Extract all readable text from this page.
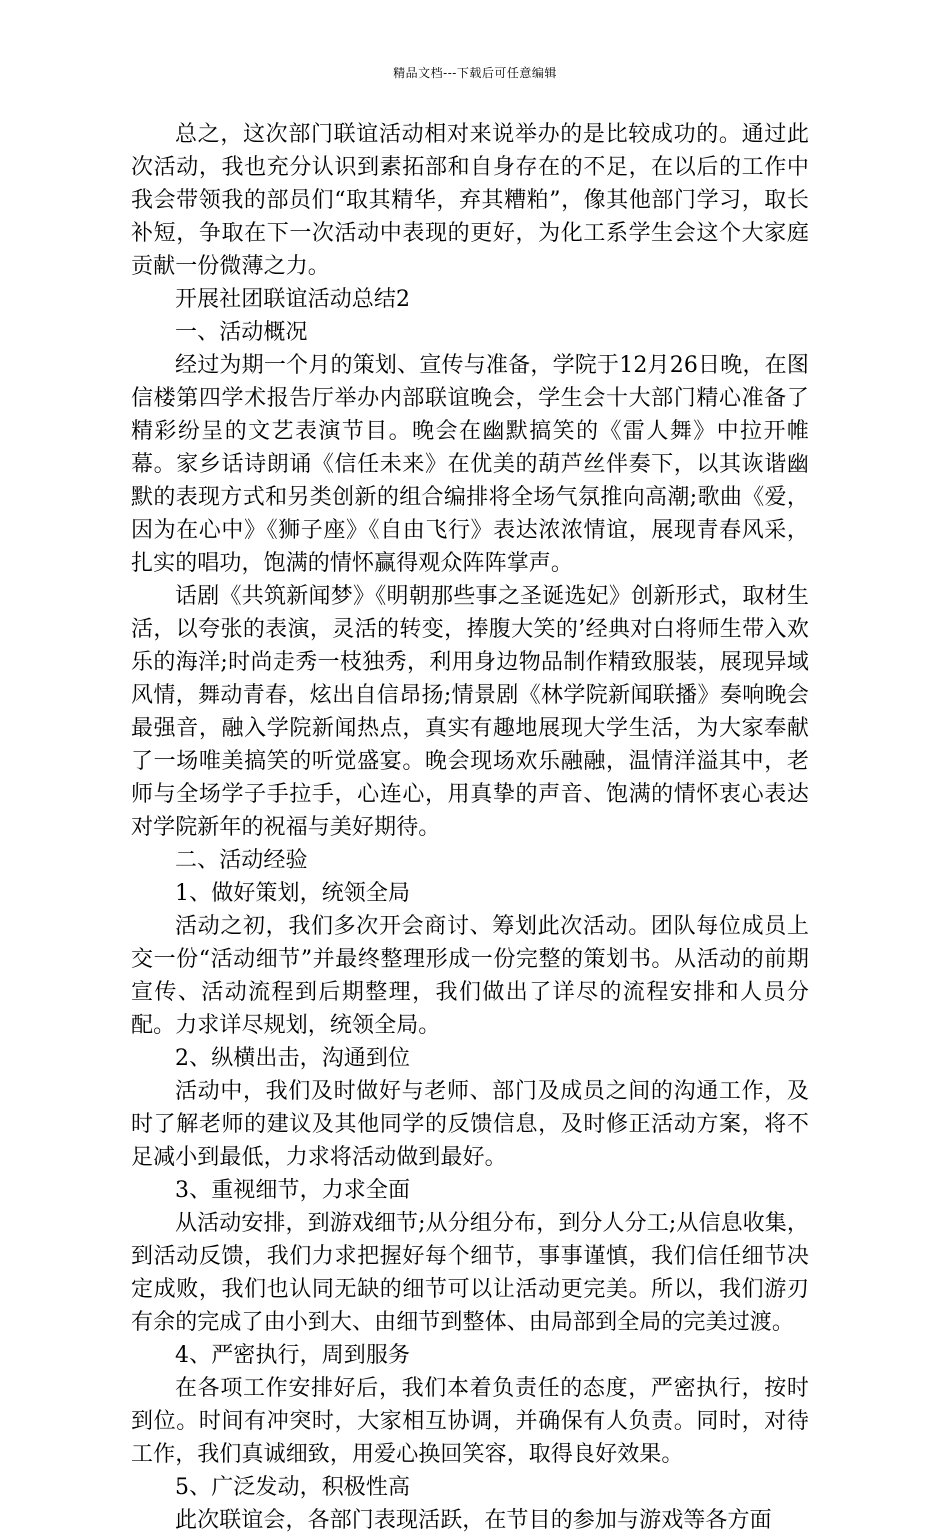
精品文档---下载后可任意编辑

总之，这次部门联谊活动相对来说举办的是比较成功的。通过此次活动，我也充分认识到素拓部和自身存在的不足，在以后的工作中我会带领我的部员们“取其精华，弃其糟粕”，像其他部门学习，取长补短，争取在下一次活动中表现的更好，为化工系学生会这个大家庭贡献一份微薄之力。

开展社团联谊活动总结2

一、活动概况

经过为期一个月的策划、宣传与准备，学院于12月26日晚，在图信楼第四学术报告厅举办内部联谊晚会，学生会十大部门精心准备了精彩纷呈的文艺表演节目。晚会在幽默搞笑的《雷人舞》中拉开帷幕。家乡话诗朗诵《信任未来》在优美的葫芦丝伴奏下，以其诙谐幽默的表现方式和另类创新的组合编排将全场气氛推向高潮;歌曲《爱，因为在心中》《狮子座》《自由飞行》表达浓浓情谊，展现青春风采，扎实的唱功，饱满的情怀赢得观众阵阵掌声。

话剧《共筑新闻梦》《明朝那些事之圣诞选妃》创新形式，取材生活，以夸张的表演，灵活的转变，捧腹大笑的’经典对白将师生带入欢乐的海洋;时尚走秀一枝独秀，利用身边物品制作精致服装，展现异域风情，舞动青春，炫出自信昂扬;情景剧《林学院新闻联播》奏响晚会最强音，融入学院新闻热点，真实有趣地展现大学生活，为大家奉献了一场唯美搞笑的听觉盛宴。晚会现场欢乐融融，温情洋溢其中，老师与全场学子手拉手，心连心，用真挚的声音、饱满的情怀衷心表达对学院新年的祝福与美好期待。

二、活动经验

1、做好策划，统领全局

活动之初，我们多次开会商讨、筹划此次活动。团队每位成员上交一份“活动细节”并最终整理形成一份完整的策划书。从活动的前期宣传、活动流程到后期整理，我们做出了详尽的流程安排和人员分配。力求详尽规划，统领全局。

2、纵横出击，沟通到位

活动中，我们及时做好与老师、部门及成员之间的沟通工作，及时了解老师的建议及其他同学的反馈信息，及时修正活动方案，将不足减小到最低，力求将活动做到最好。

3、重视细节，力求全面

从活动安排，到游戏细节;从分组分布，到分人分工;从信息收集，到活动反馈，我们力求把握好每个细节，事事谨慎，我们信任细节决定成败，我们也认同无缺的细节可以让活动更完美。所以，我们游刃有余的完成了由小到大、由细节到整体、由局部到全局的完美过渡。

4、严密执行，周到服务

在各项工作安排好后，我们本着负责任的态度，严密执行，按时到位。时间有冲突时，大家相互协调，并确保有人负责。同时，对待工作，我们真诚细致，用爱心换回笑容，取得良好效果。

5、广泛发动，积极性高

此次联谊会，各部门表现活跃，在节目的参加与游戏等各方面
